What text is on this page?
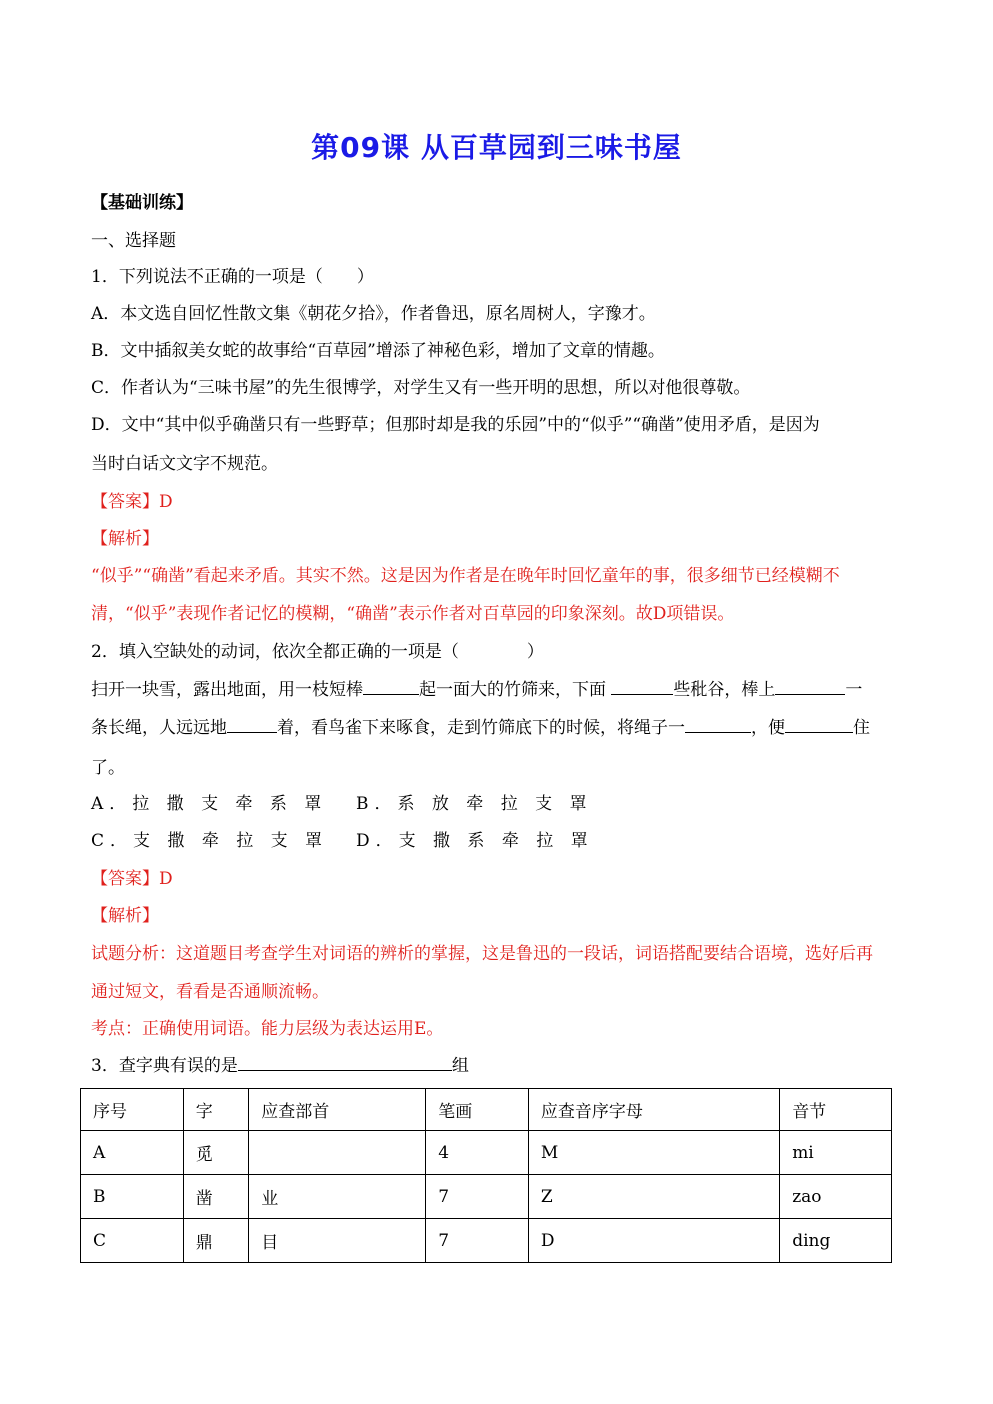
第09课 从百草园到三味书屋
【基础训练】
一、选择题
1．下列说法不正确的一项是（　　）
A．本文选自回忆性散文集《朝花夕拾》，作者鲁迅，原名周树人，字豫才。
B．文中插叙美女蛇的故事给“百草园”增添了神秘色彩，增加了文章的情趣。
C．作者认为“三味书屋”的先生很博学，对学生又有一些开明的思想，所以对他很尊敬。
D．文中“其中似乎确凿只有一些野草；但那时却是我的乐园”中的“似乎”“确凿”使用矛盾，是因为
当时白话文文字不规范。
【答案】D
【解析】
“似乎”“确凿”看起来矛盾。其实不然。这是因为作者是在晚年时回忆童年的事，很多细节已经模糊不
清，“似乎”表现作者记忆的模糊，“确凿”表示作者对百草园的印象深刻。故D项错误。
2．填入空缺处的动词，依次全都正确的一项是（　　　　）
扫开一块雪，露出地面，用一枝短棒	起一面大的竹筛来，下面	些秕谷，棒上	一
条长绳，人远远地	着，看鸟雀下来啄食，走到竹筛底下的时候，将绳子一	，便	住
了。
A．拉 撒 支 牵 系 罩 B．系 放 牵 拉 支 罩
C．支 撒 牵 拉 支 罩 D．支 撒 系 牵 拉 罩
【答案】D
【解析】
试题分析：这道题目考查学生对词语的辨析的掌握，这是鲁迅的一段话，词语搭配要结合语境，选好后再
通过短文，看看是否通顺流畅。
考点：正确使用词语。能力层级为表达运用E。
3．查字典有误的是	组
序号	字	应查部首	笔画	应查音序字母	音节
A	觅		4	M	mi
B	凿	业	7	Z	zao
C	鼎	目	7	D	ding
